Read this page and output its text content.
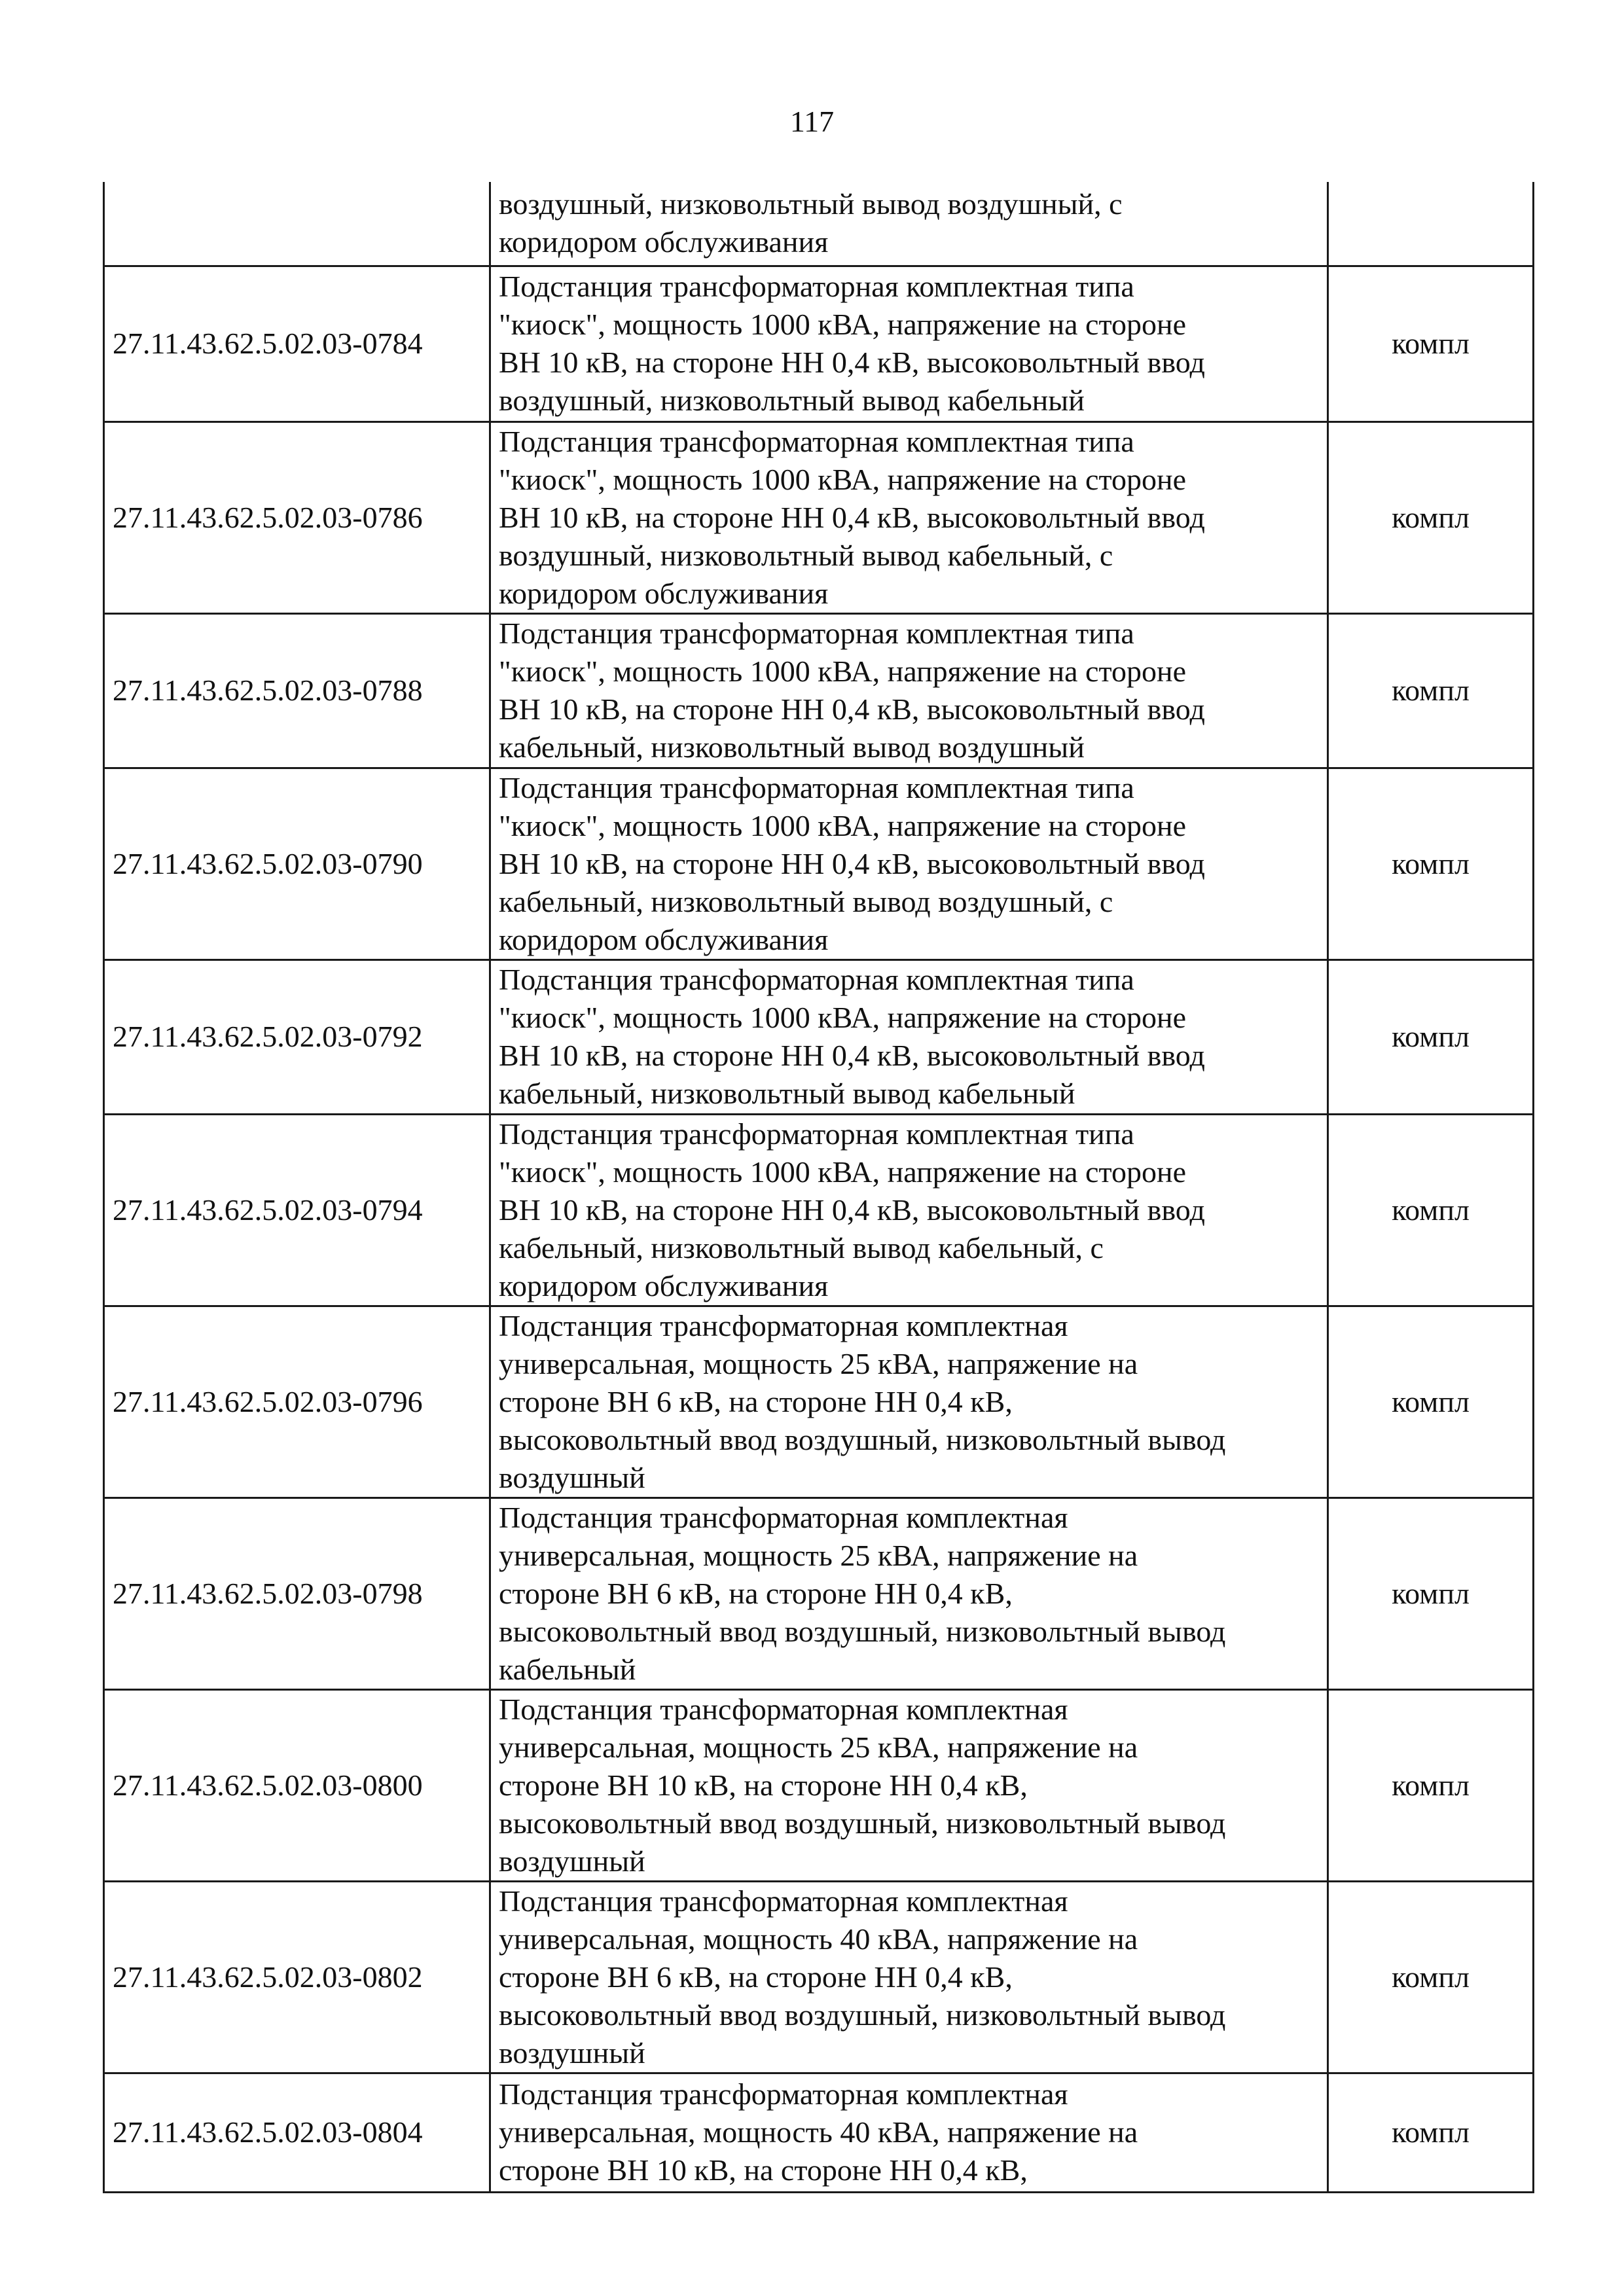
117
	воздушный, низковольтный вывод воздушный, с
коридором обслуживания	
27.11.43.62.5.02.03-0784	Подстанция трансформаторная комплектная типа
"киоск", мощность 1000 кВА, напряжение на стороне
ВН 10 кВ, на стороне НН 0,4 кВ, высоковольтный ввод
воздушный, низковольтный вывод кабельный	компл
27.11.43.62.5.02.03-0786	Подстанция трансформаторная комплектная типа
"киоск", мощность 1000 кВА, напряжение на стороне
ВН 10 кВ, на стороне НН 0,4 кВ, высоковольтный ввод
воздушный, низковольтный вывод кабельный, с
коридором обслуживания	компл
27.11.43.62.5.02.03-0788	Подстанция трансформаторная комплектная типа
"киоск", мощность 1000 кВА, напряжение на стороне
ВН 10 кВ, на стороне НН 0,4 кВ, высоковольтный ввод
кабельный, низковольтный вывод воздушный	компл
27.11.43.62.5.02.03-0790	Подстанция трансформаторная комплектная типа
"киоск", мощность 1000 кВА, напряжение на стороне
ВН 10 кВ, на стороне НН 0,4 кВ, высоковольтный ввод
кабельный, низковольтный вывод воздушный, с
коридором обслуживания	компл
27.11.43.62.5.02.03-0792	Подстанция трансформаторная комплектная типа
"киоск", мощность 1000 кВА, напряжение на стороне
ВН 10 кВ, на стороне НН 0,4 кВ, высоковольтный ввод
кабельный, низковольтный вывод кабельный	компл
27.11.43.62.5.02.03-0794	Подстанция трансформаторная комплектная типа
"киоск", мощность 1000 кВА, напряжение на стороне
ВН 10 кВ, на стороне НН 0,4 кВ, высоковольтный ввод
кабельный, низковольтный вывод кабельный, с
коридором обслуживания	компл
27.11.43.62.5.02.03-0796	Подстанция трансформаторная комплектная
универсальная, мощность 25 кВА, напряжение на
стороне ВН 6 кВ, на стороне НН 0,4 кВ,
высоковольтный ввод воздушный, низковольтный вывод
воздушный	компл
27.11.43.62.5.02.03-0798	Подстанция трансформаторная комплектная
универсальная, мощность 25 кВА, напряжение на
стороне ВН 6 кВ, на стороне НН 0,4 кВ,
высоковольтный ввод воздушный, низковольтный вывод
кабельный	компл
27.11.43.62.5.02.03-0800	Подстанция трансформаторная комплектная
универсальная, мощность 25 кВА, напряжение на
стороне ВН 10 кВ, на стороне НН 0,4 кВ,
высоковольтный ввод воздушный, низковольтный вывод
воздушный	компл
27.11.43.62.5.02.03-0802	Подстанция трансформаторная комплектная
универсальная, мощность 40 кВА, напряжение на
стороне ВН 6 кВ, на стороне НН 0,4 кВ,
высоковольтный ввод воздушный, низковольтный вывод
воздушный	компл
27.11.43.62.5.02.03-0804	Подстанция трансформаторная комплектная
универсальная, мощность 40 кВА, напряжение на
стороне ВН 10 кВ, на стороне НН 0,4 кВ,	компл
